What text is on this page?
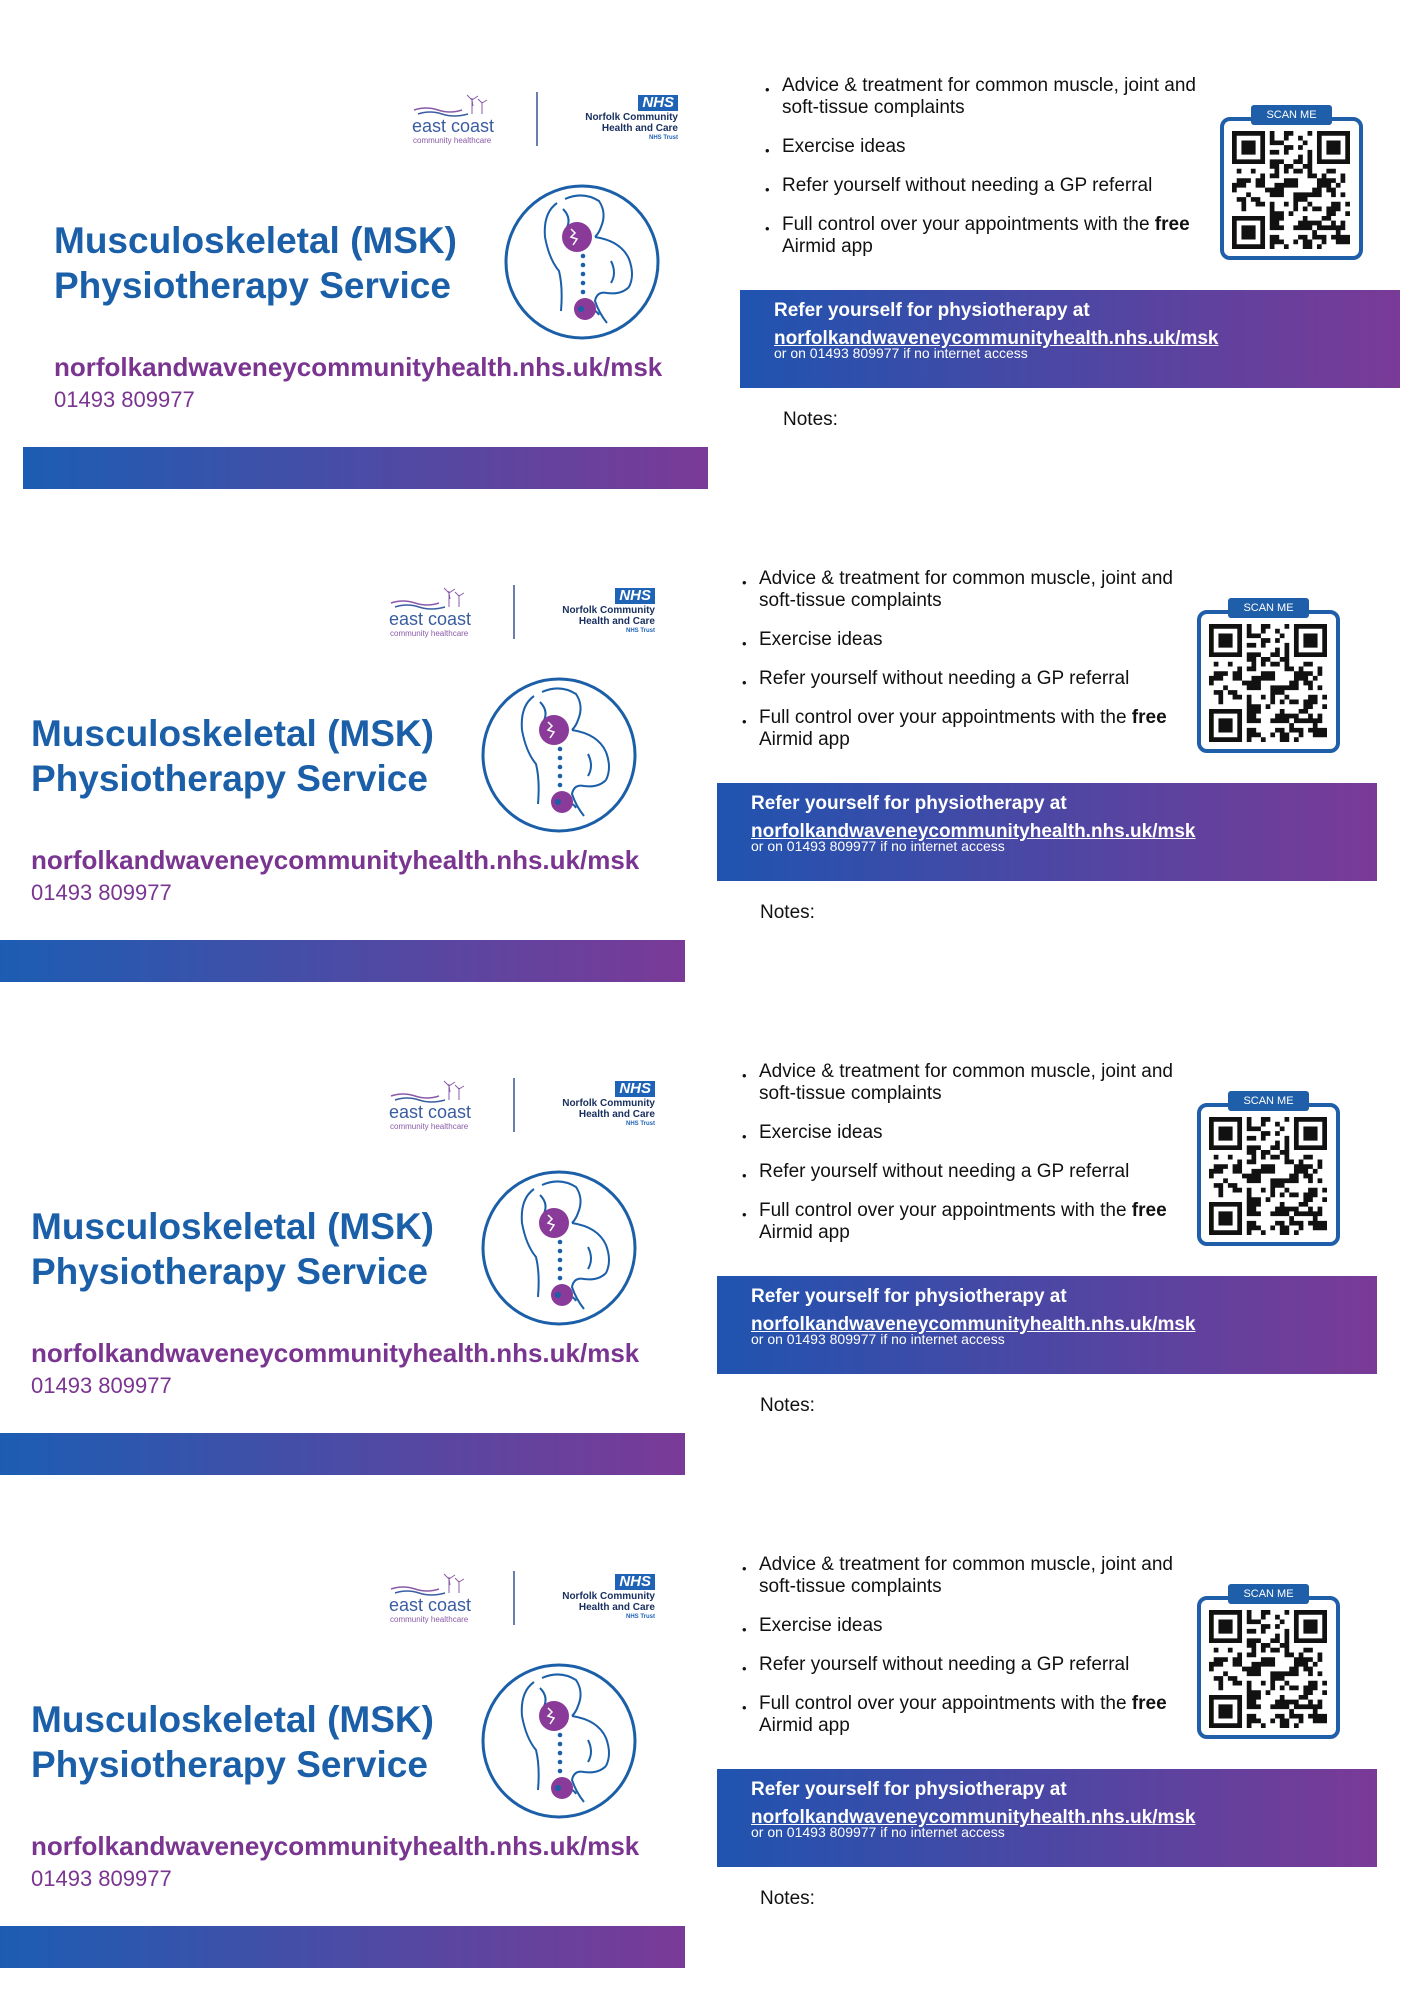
east coast
community healthcare
NHS
Norfolk Community
Health and Care
NHS Trust
Musculoskeletal (MSK)
Physiotherapy Service
norfolkandwaveneycommunityhealth.nhs.uk/msk
01493 809977
• Advice & treatment for common muscle, joint and soft-tissue complaints
• Exercise ideas
• Refer yourself without needing a GP referral
• Full control over your appointments with the free Airmid app
SCAN ME
Refer yourself for physiotherapy at
norfolkandwaveneycommunityhealth.nhs.uk/msk
or on 01493 809977 if no internet access
Notes:
east coast
community healthcare
NHS
Norfolk Community
Health and Care
NHS Trust
Musculoskeletal (MSK)
Physiotherapy Service
norfolkandwaveneycommunityhealth.nhs.uk/msk
01493 809977
• Advice & treatment for common muscle, joint and soft-tissue complaints
• Exercise ideas
• Refer yourself without needing a GP referral
• Full control over your appointments with the free Airmid app
SCAN ME
Refer yourself for physiotherapy at
norfolkandwaveneycommunityhealth.nhs.uk/msk
or on 01493 809977 if no internet access
Notes:
east coast
community healthcare
NHS
Norfolk Community
Health and Care
NHS Trust
Musculoskeletal (MSK)
Physiotherapy Service
norfolkandwaveneycommunityhealth.nhs.uk/msk
01493 809977
• Advice & treatment for common muscle, joint and soft-tissue complaints
• Exercise ideas
• Refer yourself without needing a GP referral
• Full control over your appointments with the free Airmid app
SCAN ME
Refer yourself for physiotherapy at
norfolkandwaveneycommunityhealth.nhs.uk/msk
or on 01493 809977 if no internet access
Notes:
east coast
community healthcare
NHS
Norfolk Community
Health and Care
NHS Trust
Musculoskeletal (MSK)
Physiotherapy Service
norfolkandwaveneycommunityhealth.nhs.uk/msk
01493 809977
• Advice & treatment for common muscle, joint and soft-tissue complaints
• Exercise ideas
• Refer yourself without needing a GP referral
• Full control over your appointments with the free Airmid app
SCAN ME
Refer yourself for physiotherapy at
norfolkandwaveneycommunityhealth.nhs.uk/msk
or on 01493 809977 if no internet access
Notes:
